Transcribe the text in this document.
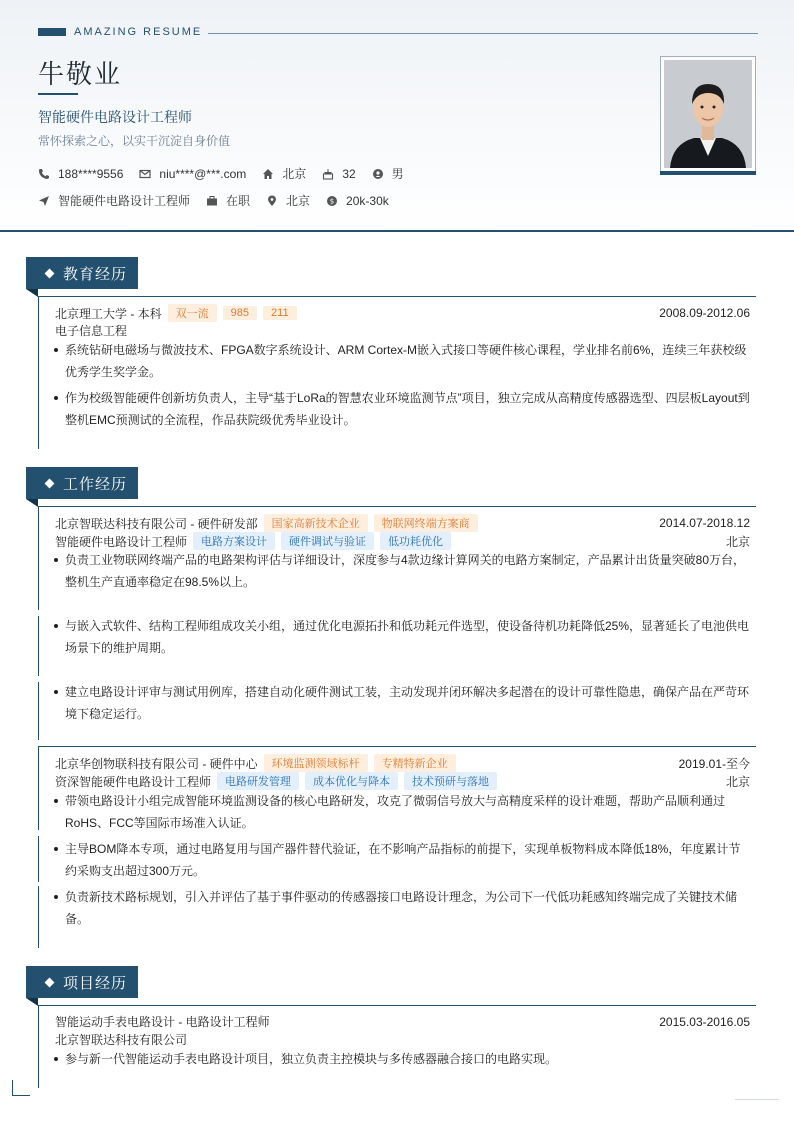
AMAZING RESUME
牛敬业
智能硬件电路设计工程师
常怀探索之心，以实干沉淀自身价值
188****9556	niu****@***.com	北京	32	男
智能硬件电路设计工程师	在职	北京	$ 20k-30k
教育经历
北京理工大学 - 本科	双一流	985	211	2008.09-2012.06
电子信息工程
系统钻研电磁场与微波技术、FPGA数字系统设计、ARM Cortex-M嵌入式接口等硬件核心课程，学业排名前6%，连续三年获校级优秀学生奖学金。
作为校级智能硬件创新坊负责人，主导“基于LoRa的智慧农业环境监测节点”项目，独立完成从高精度传感器选型、四层板Layout到整机EMC预测试的全流程，作品获院级优秀毕业设计。
工作经历
北京智联达科技有限公司 - 硬件研发部	国家高新技术企业	物联网终端方案商	2014.07-2018.12
智能硬件电路设计工程师	电路方案设计	硬件调试与验证	低功耗优化	北京
负责工业物联网终端产品的电路架构评估与详细设计，深度参与4款边缘计算网关的电路方案制定，产品累计出货量突破80万台，整机生产直通率稳定在98.5%以上。
与嵌入式软件、结构工程师组成攻关小组，通过优化电源拓扑和低功耗元件选型，使设备待机功耗降低25%，显著延长了电池供电场景下的维护周期。
建立电路设计评审与测试用例库，搭建自动化硬件测试工装，主动发现并闭环解决多起潜在的设计可靠性隐患，确保产品在严苛环境下稳定运行。
北京华创物联科技有限公司 - 硬件中心	环境监测领域标杆	专精特新企业	2019.01-至今
资深智能硬件电路设计工程师	电路研发管理	成本优化与降本	技术预研与落地	北京
带领电路设计小组完成智能环境监测设备的核心电路研发，攻克了微弱信号放大与高精度采样的设计难题，帮助产品顺利通过RoHS、FCC等国际市场准入认证。
主导BOM降本专项，通过电路复用与国产器件替代验证，在不影响产品指标的前提下，实现单板物料成本降低18%，年度累计节约采购支出超过300万元。
负责新技术路标规划，引入并评估了基于事件驱动的传感器接口电路设计理念，为公司下一代低功耗感知终端完成了关键技术储备。
项目经历
智能运动手表电路设计 - 电路设计工程师	2015.03-2016.05
北京智联达科技有限公司
参与新一代智能运动手表电路设计项目，独立负责主控模块与多传感器融合接口的电路实现。
